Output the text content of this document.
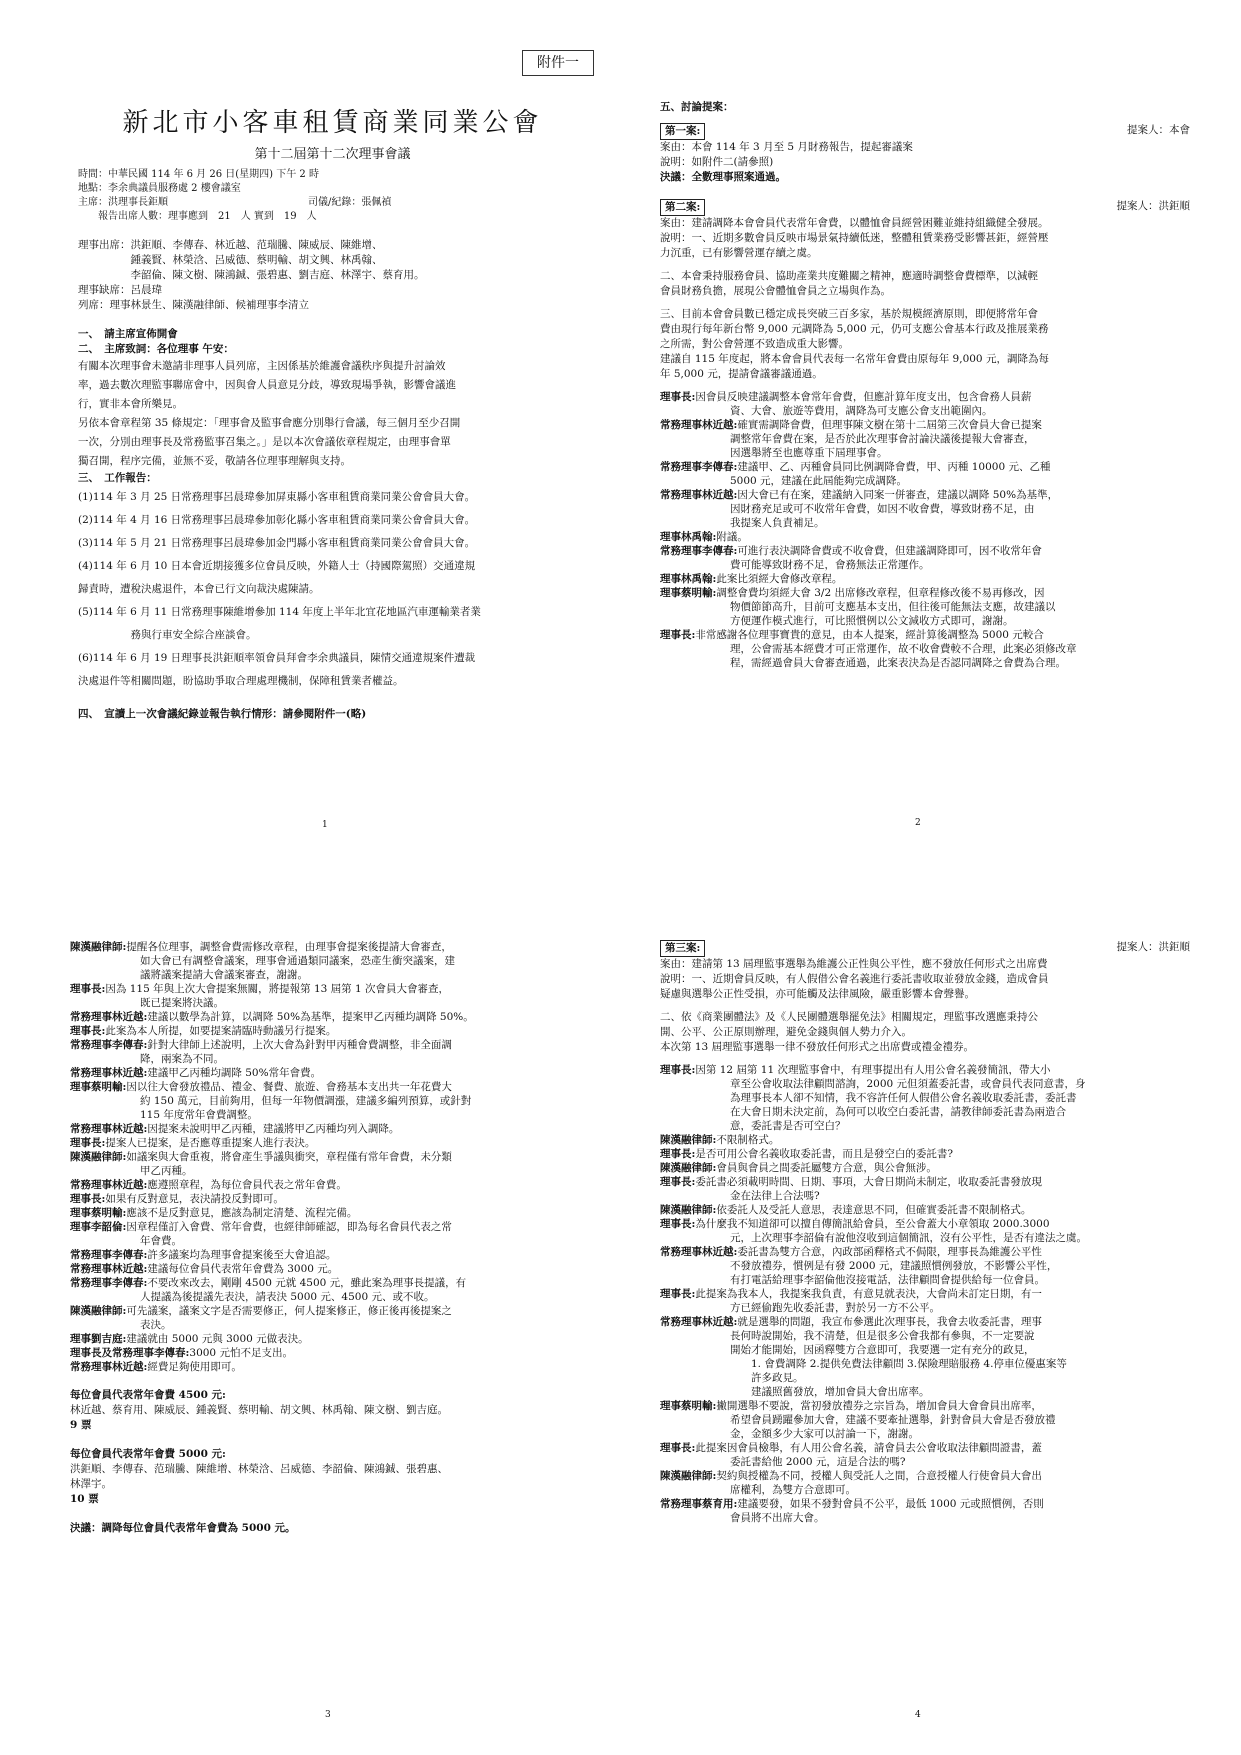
附件一
新北市小客車租賃商業同業公會
第十二屆第十二次理事會議
時間：中華民國 114 年 6 月 26 日(星期四) 下午 2 時
地點：李余典議員服務處 2 樓會議室
主席：洪理事長鉅順　　　　　　　　　　　　　　司儀/紀錄：張佩禎
　　報告出席人數：理事應到　21　人 實到　19　人
理事出席：洪鉅順、李傳春、林近越、范瑞騰、陳威辰、陳維增、
　　　　　鍾義賢、林榮浛、呂威德、蔡明輸、胡文興、林禹翰、
　　　　　李韶倫、陳文樹、陳鴻鋮、張碧惠、劉吉庭、林澤宇、蔡育用。
理事缺席：呂晨瑋
列席：理事林景生、陳漢融律師、候補理事李清立
一、　請主席宣佈開會
二、　主席致詞：各位理事 午安：
有關本次理事會未邀請非理事人員列席，主因係基於維護會議秩序與提升討論效
率，過去數次理監事聯席會中，因與會人員意見分歧，導致現場爭執，影響會議進
行，實非本會所樂見。
另依本會章程第 35 條規定：「理事會及監事會應分別舉行會議，每三個月至少召開
一次，分別由理事長及常務監事召集之。」是以本次會議依章程規定，由理事會單
獨召開，程序完備，並無不妥，敬請各位理事理解與支持。
三、　工作報告：
(1)114 年 3 月 25 日常務理事呂晨瑋參加屏東縣小客車租賃商業同業公會會員大會。
(2)114 年 4 月 16 日常務理事呂晨瑋參加彰化縣小客車租賃商業同業公會會員大會。
(3)114 年 5 月 21 日常務理事呂晨瑋參加金門縣小客車租賃商業同業公會會員大會。
(4)114 年 6 月 10 日本會近期接獲多位會員反映，外籍人士（持國際駕照）交通違規
歸責時，遭稅決處退件，本會已行文向裁決處陳請。
(5)114 年 6 月 11 日常務理事陳維增參加 114 年度上半年北宜花地區汽車運輸業者業
　　　　　務與行車安全綜合座談會。
(6)114 年 6 月 19 日理事長洪鉅順率領會員拜會李余典議員，陳情交通違規案件遭裁
決處退件等相關問題，盼協助爭取合理處理機制，保障租賃業者權益。
四、　宣讀上一次會議紀錄並報告執行情形：請參閱附件一(略)
1
五、討論提案：
第一案:	提案人：本會
案由：本會 114 年 3 月至 5 月財務報告，提起審議案
說明：如附件二(請參照)
決議：全數理事照案通過。
第二案:	提案人：洪鉅順
案由：建請調降本會會員代表常年會費，以體恤會員經營困難並維持組織健全發展。
說明：一、近期多數會員反映市場景氣持續低迷，整體租賃業務受影響甚鉅，經營壓
力沉重，已有影響營運存續之虞。
二、本會秉持服務會員、協助產業共度難關之精神，應適時調整會費標準，以減輕
會員財務負擔，展現公會體恤會員之立場與作為。
三、目前本會會員數已穩定成長突破三百多家，基於規模經濟原則，即便將常年會
費由現行每年新台幣 9,000 元調降為 5,000 元，仍可支應公會基本行政及推展業務
之所需，對公會營運不致造成重大影響。
建議自 115 年度起，將本會會員代表每一名常年會費由原每年 9,000 元，調降為每
年 5,000 元，提請會議審議通過。
理事長:因會員反映建議調整本會常年會費，但應計算年度支出，包含會務人員薪
資、大會、旅遊等費用，調降為可支應公會支出範圍內。
常務理事林近越:確實需調降會費，但理事陳文樹在第十二屆第三次會員大會已提案
調整常年會費在案，是否於此次理事會討論決議後提報大會審查，
因選舉將至也應尊重下屆理事會。
常務理事李傳春:建議甲、乙、丙種會員同比例調降會費，甲、丙種 10000 元、乙種
5000 元，建議在此屆能夠完成調降。
常務理事林近越:因大會已有在案，建議納入同案一併審查，建議以調降 50%為基準，
因財務充足或可不收常年會費，如因不收會費，導致財務不足，由
我提案人負責補足。
理事林禹翰:附議。
常務理事李傳春:可進行表決調降會費或不收會費，但建議調降即可，因不收常年會
費可能導致財務不足，會務無法正常運作。
理事林禹翰:此案比須經大會修改章程。
理事蔡明輸:調整會費均須經大會 3/2 出席修改章程，但章程修改後不易再修改，因
物價節節高升，目前可支應基本支出，但往後可能無法支應，故建議以
方便運作模式進行，可比照慣例以公文減收方式即可，謝謝。
理事長:非常感謝各位理事寶貴的意見，由本人提案，經計算後調整為 5000 元較合
理，公會需基本經費才可正常運作，故不收會費較不合理，此案必須修改章
程，需經過會員大會審查通過，此案表決為是否認同調降之會費為合理。
2
陳漢融律師:提醒各位理事，調整會費需修改章程，由理事會提案後提請大會審查，
如大會已有調整會議案，理事會通過類同議案，恐產生衝突議案，建
議將議案提請大會議案審查，謝謝。
理事長:因為 115 年與上次大會提案無關，將提報第 13 屆第 1 次會員大會審查，
既已提案將決議。
常務理事林近越:建議以數學為計算，以調降 50%為基準，提案甲乙丙種均調降 50%。
理事長:此案為本人所提，如要提案請臨時動議另行提案。
常務理事李傳春:針對大律師上述說明，上次大會為針對甲丙種會費調整，非全面調
降，兩案為不同。
常務理事林近越:建議甲乙丙種均調降 50%常年會費。
理事蔡明輸:因以往大會發放禮品、禮金、餐費、旅遊、會務基本支出共一年花費大
約 150 萬元，目前夠用，但每一年物價調漲，建議多編列預算，或針對
115 年度常年會費調整。
常務理事林近越:因提案未說明甲乙丙種，建議將甲乙丙種均列入調降。
理事長:提案人已提案，是否應尊重提案人進行表決。
陳漢融律師:如議案與大會重複，將會產生爭議與衝突，章程僅有常年會費，未分類
甲乙丙種。
常務理事林近越:應遵照章程，為每位會員代表之常年會費。
理事長:如果有反對意見，表決請投反對即可。
理事蔡明輸:應該不是反對意見，應該為制定清楚、流程完備。
理事李韶倫:因章程僅訂入會費、常年會費，也經律師確認，即為每名會員代表之常
年會費。
常務理事李傳春:許多議案均為理事會提案後至大會追認。
常務理事林近越:建議每位會員代表常年會費為 3000 元。
常務理事李傳春:不要改來改去，剛剛 4500 元就 4500 元，雖此案為理事長提議，有
人提議為後提議先表決，請表決 5000 元、4500 元、或不收。
陳漢融律師:可先議案，議案文字是否需要修正，何人提案修正，修正後再後提案之
表決。
理事劉吉庭:建議就由 5000 元與 3000 元做表決。
理事長及常務理事李傳春:3000 元怕不足支出。
常務理事林近越:經費足夠使用即可。
每位會員代表常年會費 4500 元:
林近越、蔡育用、陳威辰、鍾義賢、蔡明輸、胡文興、林禹翰、陳文樹、劉吉庭。
9 票
每位會員代表常年會費 5000 元:
洪鉅順、李傳春、范瑞騰、陳維增、林榮浛、呂威德、李韶倫、陳鴻鋮、張碧惠、
林澤宇。
10 票
決議：調降每位會員代表常年會費為 5000 元。
3
第三案:	提案人：洪鉅順
案由：建請第 13 屆理監事選舉為維護公正性與公平性，應不發放任何形式之出席費
說明：一、近期會員反映，有人假借公會名義進行委託書收取並發放金錢，造成會員
疑慮與選舉公正性受損，亦可能觸及法律風險，嚴重影響本會聲譽。
二、依《商業團體法》及《人民團體選舉罷免法》相關規定，理監事改選應秉持公
開、公平、公正原則辦理，避免金錢與個人勢力介入。
本次第 13 屆理監事選舉一律不發放任何形式之出席費或禮金禮券。
理事長:因第 12 屆第 11 次理監事會中，有理事提出有人用公會名義發簡訊，帶大小
章至公會收取法律顧問諮詢，2000 元但須蓋委託書，或會員代表同意書，身
為理事長本人卻不知情，我不容許任何人假借公會名義收取委託書，委託書
在大會日期未決定前，為何可以收空白委託書，請教律師委託書為兩造合
意，委託書是否可空白？
陳漢融律師:不限制格式。
理事長:是否可用公會名義收取委託書，而且是發空白的委託書?
陳漢融律師:會員與會員之間委託屬雙方合意，與公會無涉。
理事長:委託書必須載明時間、日期、事項，大會日期尚未制定，收取委託書發放現
金在法律上合法嗎?
陳漢融律師:依委託人及受託人意思，表達意思不同，但確實委託書不限制格式。
理事長:為什麼我不知道卻可以擅自傳簡訊給會員，至公會蓋大小章領取 2000.3000
元，上次理事李韶倫有說他沒收到這個簡訊，沒有公平性，是否有違法之虞。
常務理事林近越:委託書為雙方合意，內政部函釋格式不侷限，理事長為維護公平性
不發放禮券，慣例是有發 2000 元，建議照慣例發放，不影響公平性，
有打電話給理事李韶倫他沒接電話，法律顧問會提供給每一位會員。
理事長:此提案為我本人，我提案我負責，有意見就表決，大會尚未訂定日期，有一
方已經偷跑先收委託書，對於另一方不公平。
常務理事林近越:就是選舉的問題，我宣布參選此次理事長，我會去收委託書，理事
長何時說開始，我不清楚，但是很多公會我都有參與，不一定要說
開始才能開始，因函釋雙方合意即可，我要選一定有充分的政見，
　　1. 會費調降 2.提供免費法律顧問 3.保險理賠服務 4.停車位優惠案等
　　許多政見。
　　建議照舊發放，增加會員大會出席率。
理事蔡明輸:撇開選舉不要說，當初發放禮券之宗旨為，增加會員大會會員出席率，
希望會員踴躍參加大會，建議不要牽扯選舉，針對會員大會是否發放禮
金，金額多少大家可以討論一下，謝謝。
理事長:此提案因會員檢舉，有人用公會名義，請會員去公會收取法律顧問證書，蓋
委託書給他 2000 元，這是合法的嗎?
陳漢融律師:契約與授權為不同，授權人與受託人之間，合意授權人行使會員大會出
席權利，為雙方合意即可。
常務理事蔡育用:建議要發，如果不發對會員不公平，最低 1000 元或照慣例，否則
會員將不出席大會。
4
